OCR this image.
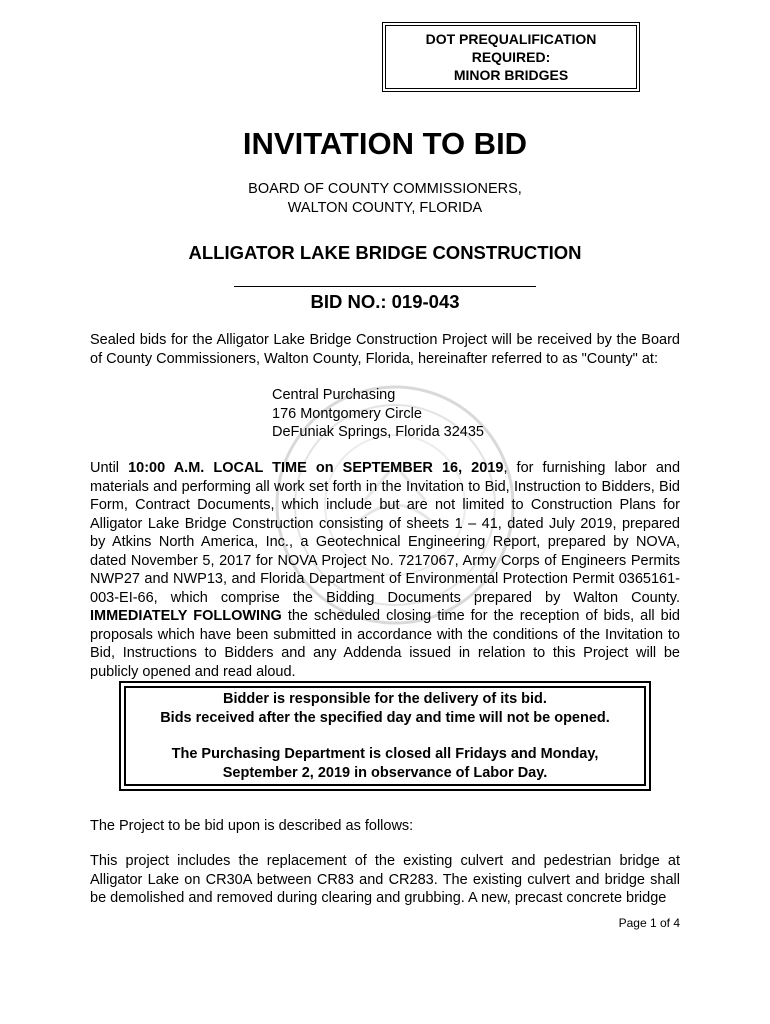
DOT PREQUALIFICATION
REQUIRED:
MINOR BRIDGES
INVITATION TO BID
BOARD OF COUNTY COMMISSIONERS,
WALTON COUNTY, FLORIDA
ALLIGATOR LAKE BRIDGE CONSTRUCTION
BID NO.: 019-043

Sealed bids for the Alligator Lake Bridge Construction Project will be received by the Board of County Commissioners, Walton County, Florida, hereinafter referred to as "County" at:

Central Purchasing
176 Montgomery Circle
DeFuniak Springs, Florida 32435

Until 10:00 A.M. LOCAL TIME on SEPTEMBER 16, 2019, for furnishing labor and materials and performing all work set forth in the Invitation to Bid, Instruction to Bidders, Bid Form, Contract Documents, which include but are not limited to Construction Plans for Alligator Lake Bridge Construction consisting of sheets 1 – 41, dated July 2019, prepared by Atkins North America, Inc., a Geotechnical Engineering Report, prepared by NOVA, dated November 5, 2017 for NOVA Project No. 7217067, Army Corps of Engineers Permits NWP27 and NWP13, and Florida Department of Environmental Protection Permit 0365161-003-EI-66, which comprise the Bidding Documents prepared by Walton County. IMMEDIATELY FOLLOWING the scheduled closing time for the reception of bids, all bid proposals which have been submitted in accordance with the conditions of the Invitation to Bid, Instructions to Bidders and any Addenda issued in relation to this Project will be publicly opened and read aloud.

Bidder is responsible for the delivery of its bid.
Bids received after the specified day and time will not be opened.
The Purchasing Department is closed all Fridays and Monday,
September 2, 2019 in observance of Labor Day.

The Project to be bid upon is described as follows:

This project includes the replacement of the existing culvert and pedestrian bridge at Alligator Lake on CR30A between CR83 and CR283. The existing culvert and bridge shall be demolished and removed during clearing and grubbing. A new, precast concrete bridge

Page 1 of 4
